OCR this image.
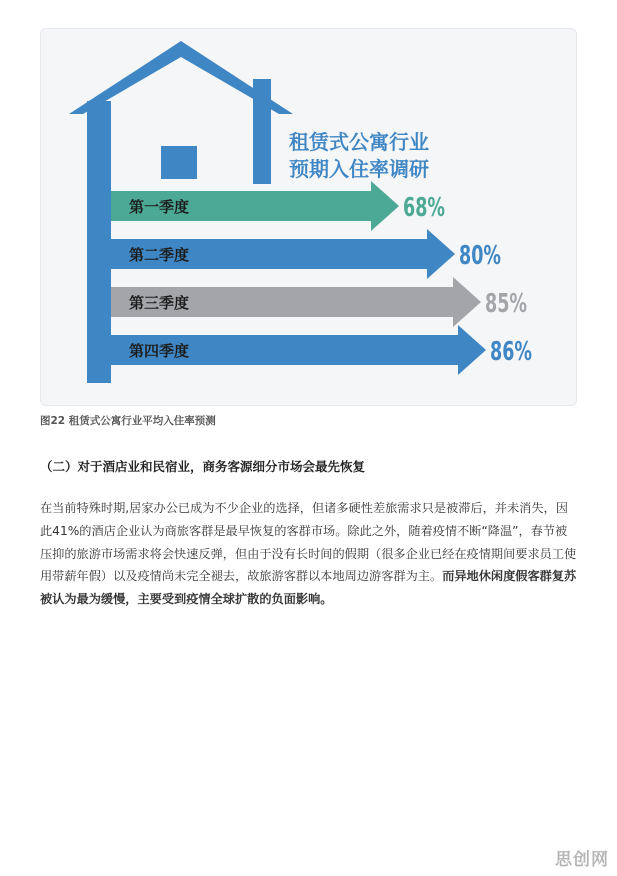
租赁式公寓行业
预期入住率调研
第一季度	68%
第二季度	80%
第三季度	85%
第四季度	86%
图22 租赁式公寓行业平均入住率预测
（二）对于酒店业和民宿业，商务客源细分市场会最先恢复

在当前特殊时期,居家办公已成为不少企业的选择，但诸多硬性差旅需求只是被滞后，并未消失，因此41%的酒店企业认为商旅客群是最早恢复的客群市场。除此之外，随着疫情不断“降温”，春节被压抑的旅游市场需求将会快速反弹，但由于没有长时间的假期（很多企业已经在疫情期间要求员工使用带薪年假）以及疫情尚未完全褪去，故旅游客群以本地周边游客群为主。而异地休闲度假客群复苏被认为最为缓慢，主要受到疫情全球扩散的负面影响。

思创网
